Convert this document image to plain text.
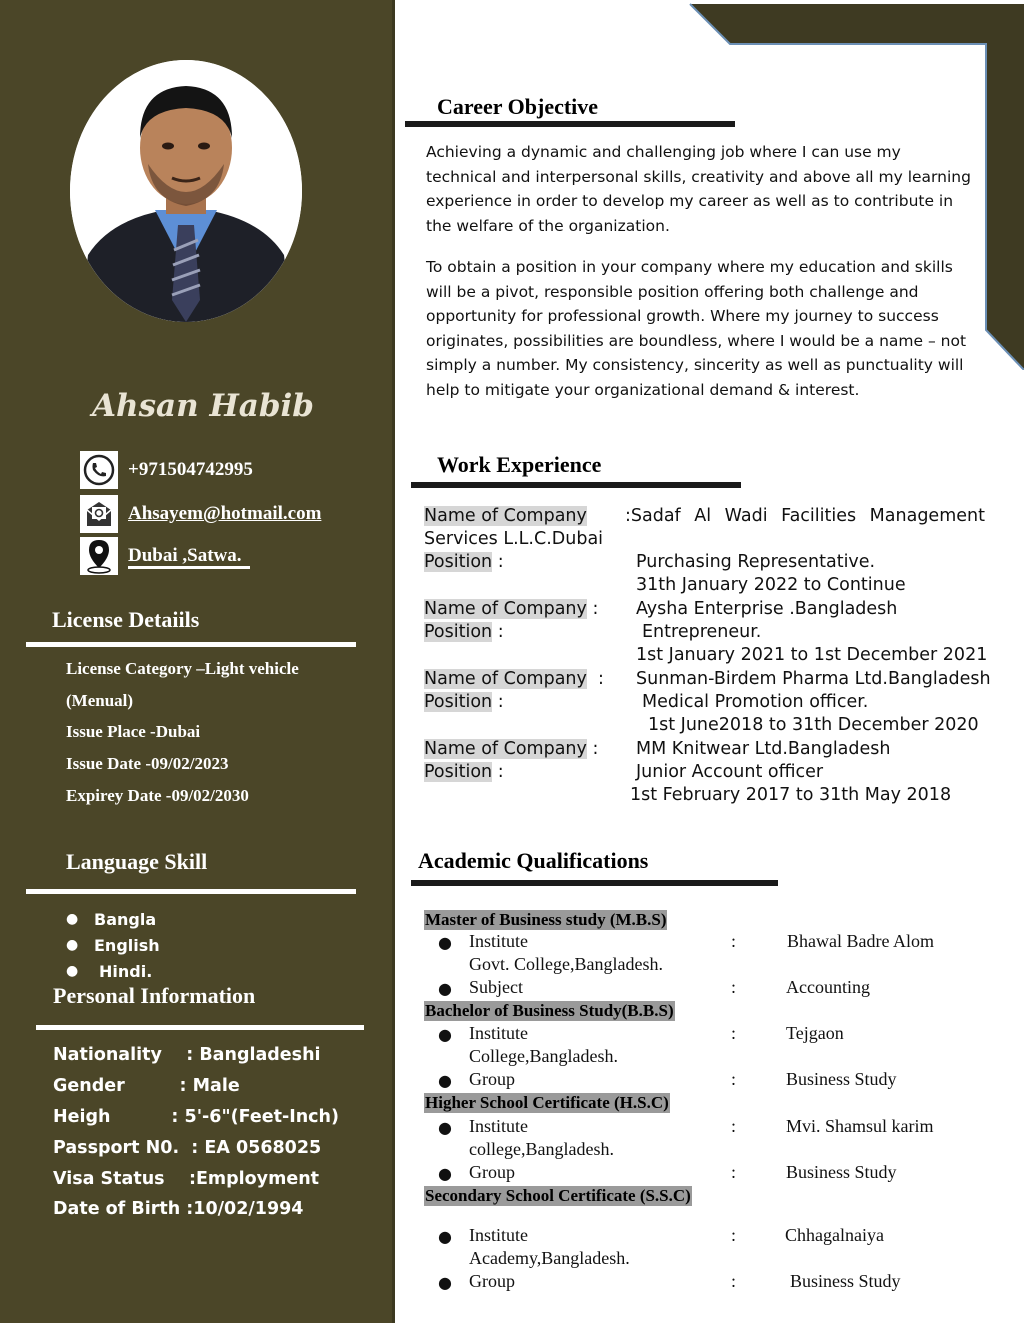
Ahsan Habib
+971504742995
Ahsayem@hotmail.com
Dubai ,Satwa.
License Detaiils
License Category –Light vehicle
(Menual)
Issue Place -Dubai
Issue Date -09/02/2023
Expirey Date -09/02/2030
Language Skill
● Bangla
● English
●	Hindi.
Personal Information
Nationality    : Bangladeshi
Gender         : Male
Heigh          : 5'-6"(Feet-Inch)
Passport N0.  : EA 0568025
Visa Status    :Employment
Date of Birth :10/02/1994
Career Objective
Achieving a dynamic and challenging job where I can use my technical and interpersonal skills, creativity and above all my learning experience in order to develop my career as well as to contribute in the welfare of the organization.
To obtain a position in your company where my education and skills will be a pivot, responsible position offering both challenge and opportunity for professional growth. Where my journey to success originates, possibilities are boundless, where I would be a name – not simply a number. My consistency, sincerity as well as punctuality will help to mitigate your organizational demand & interest.
Work Experience
Name of Company :Sadaf Al Wadi Facilities Management
Services L.L.C.Dubai
Position :	Purchasing Representative.
31th January 2022 to Continue
Name of Company : Aysha Enterprise .Bangladesh
Position :	Entrepreneur.
1st January 2021 to 1st December 2021
Name of Company  : Sunman-Birdem Pharma Ltd.Bangladesh
Position :	Medical Promotion officer.
1st June2018 to 31th December 2020
Name of Company : MM Knitwear Ltd.Bangladesh
Position :	Junior Account officer
1st February 2017 to 31th May 2018
Academic Qualifications
Master of Business study (M.B.S)
● Institute	:	Bhawal Badre Alom
Govt. College,Bangladesh.
● Subject	:	Accounting
Bachelor of Business Study(B.B.S)
● Institute	:	Tejgaon
College,Bangladesh.
● Group	:	Business Study
Higher School Certificate (H.S.C)
● Institute	:	Mvi. Shamsul karim
college,Bangladesh.
● Group	:	Business Study
Secondary School Certificate (S.S.C)
● Institute	:	Chhagalnaiya
Academy,Bangladesh.
● Group	:	Business Study
